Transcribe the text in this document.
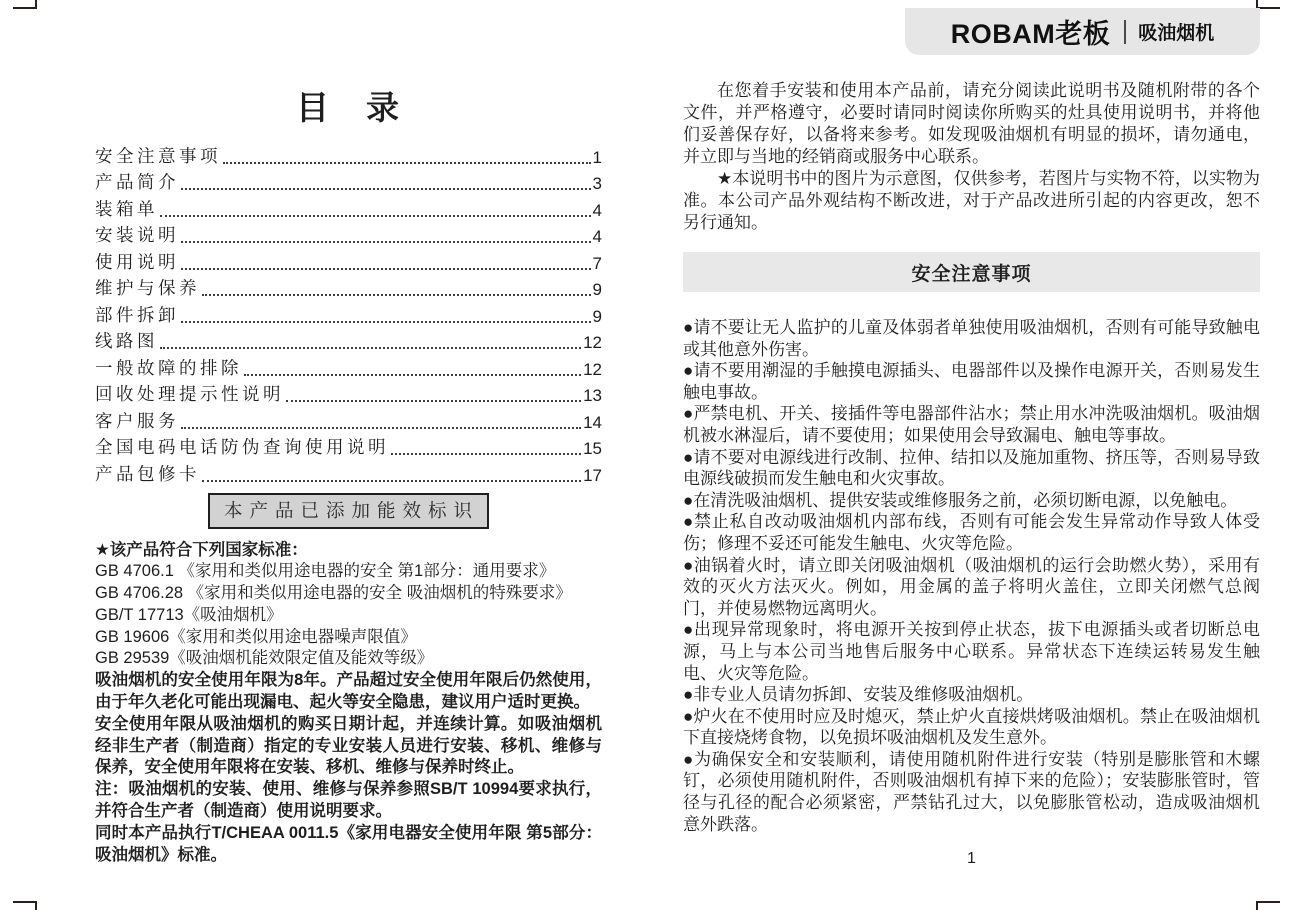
ROBAM老板 吸油烟机
目　录
安全注意事项	1
产品简介	3
装箱单	4
安装说明	4
使用说明	7
维护与保养	9
部件拆卸	9
线路图	12
一般故障的排除	12
回收处理提示性说明	13
客户服务	14
全国电码电话防伪查询使用说明	15
产品包修卡	17
本产品已添加能效标识

★该产品符合下列国家标准：

GB 4706.1 《家用和类似用途电器的安全 第1部分：通用要求》

GB 4706.28 《家用和类似用途电器的安全 吸油烟机的特殊要求》

GB/T 17713《吸油烟机》

GB 19606《家用和类似用途电器噪声限值》

GB 29539《吸油烟机能效限定值及能效等级》

吸油烟机的安全使用年限为8年。产品超过安全使用年限后仍然使用，由于年久老化可能出现漏电、起火等安全隐患，建议用户适时更换。

安全使用年限从吸油烟机的购买日期计起，并连续计算。如吸油烟机经非生产者（制造商）指定的专业安装人员进行安装、移机、维修与保养，安全使用年限将在安装、移机、维修与保养时终止。

注：吸油烟机的安装、使用、维修与保养参照SB/T 10994要求执行，并符合生产者（制造商）使用说明要求。

同时本产品执行T/CHEAA 0011.5《家用电器安全使用年限 第5部分：吸油烟机》标准。

在您着手安装和使用本产品前，请充分阅读此说明书及随机附带的各个文件，并严格遵守，必要时请同时阅读你所购买的灶具使用说明书，并将他们妥善保存好，以备将来参考。如发现吸油烟机有明显的损坏，请勿通电，并立即与当地的经销商或服务中心联系。

★本说明书中的图片为示意图，仅供参考，若图片与实物不符，以实物为准。本公司产品外观结构不断改进，对于产品改进所引起的内容更改，恕不另行通知。

安全注意事项

●请不要让无人监护的儿童及体弱者单独使用吸油烟机，否则有可能导致触电或其他意外伤害。

●请不要用潮湿的手触摸电源插头、电器部件以及操作电源开关，否则易发生触电事故。

●严禁电机、开关、接插件等电器部件沾水；禁止用水冲洗吸油烟机。吸油烟机被水淋湿后，请不要使用；如果使用会导致漏电、触电等事故。

●请不要对电源线进行改制、拉伸、结扣以及施加重物、挤压等，否则易导致电源线破损而发生触电和火灾事故。

●在清洗吸油烟机、提供安装或维修服务之前，必须切断电源，以免触电。

●禁止私自改动吸油烟机内部布线，否则有可能会发生异常动作导致人体受伤；修理不妥还可能发生触电、火灾等危险。

●油锅着火时，请立即关闭吸油烟机（吸油烟机的运行会助燃火势），采用有效的灭火方法灭火。例如，用金属的盖子将明火盖住，立即关闭燃气总阀门，并使易燃物远离明火。

●出现异常现象时，将电源开关按到停止状态，拔下电源插头或者切断总电源，马上与本公司当地售后服务中心联系。异常状态下连续运转易发生触电、火灾等危险。

●非专业人员请勿拆卸、安装及维修吸油烟机。

●炉火在不使用时应及时熄灭，禁止炉火直接烘烤吸油烟机。禁止在吸油烟机下直接烧烤食物，以免损坏吸油烟机及发生意外。

●为确保安全和安装顺利，请使用随机附件进行安装（特别是膨胀管和木螺钉，必须使用随机附件，否则吸油烟机有掉下来的危险）；安装膨胀管时，管径与孔径的配合必须紧密，严禁钻孔过大，以免膨胀管松动，造成吸油烟机意外跌落。

1
